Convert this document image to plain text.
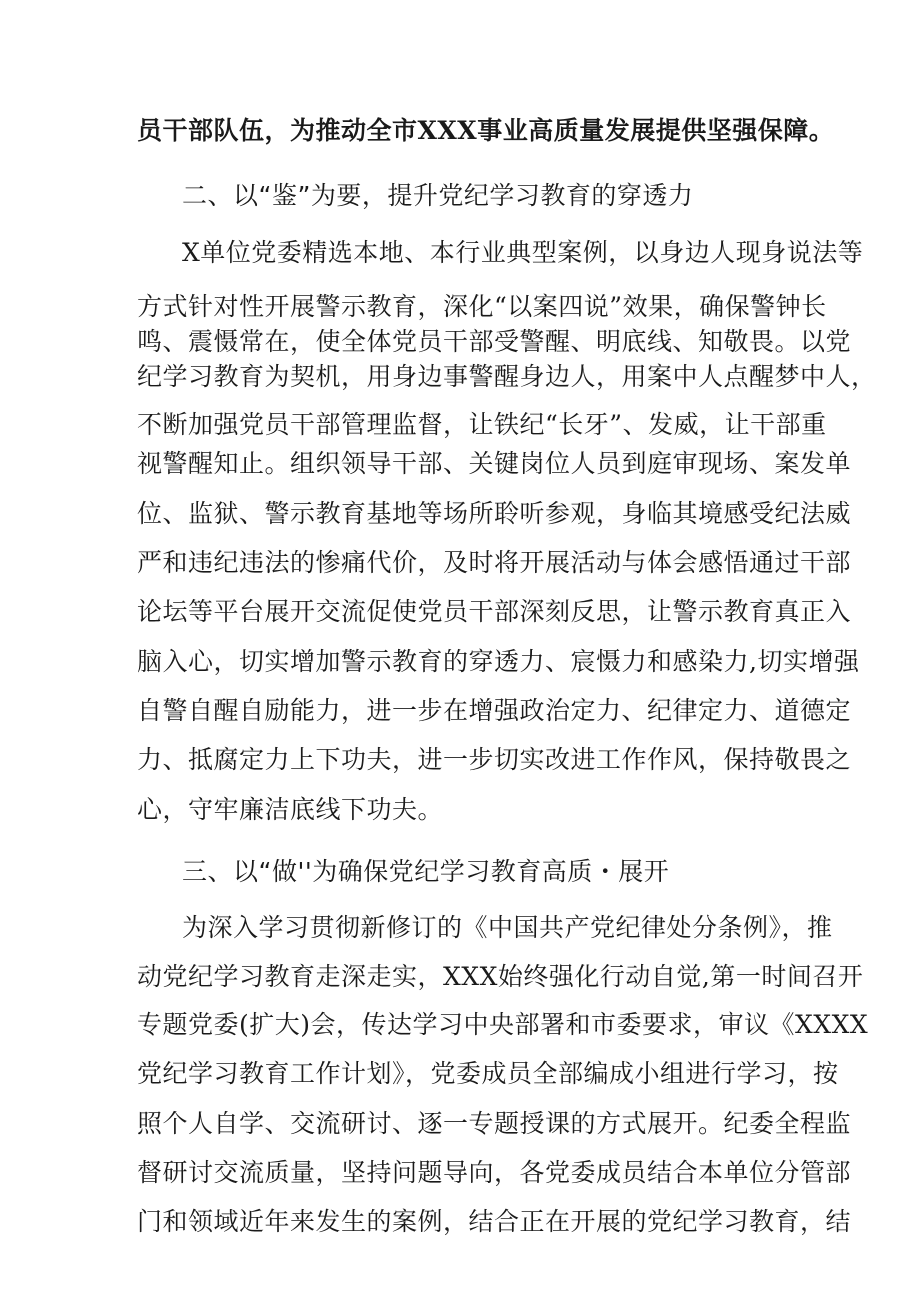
员干部队伍，为推动全市XXX事业高质量发展提供坚强保障。
二、以“鉴”为要，提升党纪学习教育的穿透力
X单位党委精选本地、本行业典型案例，以身边人现身说法等
方式针对性开展警示教育，深化“以案四说”效果，确保警钟长
鸣、震慑常在，使全体党员干部受警醒、明底线、知敬畏。以党
纪学习教育为契机，用身边事警醒身边人，用案中人点醒梦中人，
不断加强党员干部管理监督，让铁纪“长牙”、发威，让干部重
视警醒知止。组织领导干部、关键岗位人员到庭审现场、案发单
位、监狱、警示教育基地等场所聆听参观，身临其境感受纪法威
严和违纪违法的惨痛代价，及时将开展活动与体会感悟通过干部
论坛等平台展开交流促使党员干部深刻反思，让警示教育真正入
脑入心，切实增加警示教育的穿透力、宸慑力和感染力,切实增强
自警自醒自励能力，进一步在增强政治定力、纪律定力、道德定
力、抵腐定力上下功夫，进一步切实改进工作作风，保持敬畏之
心，守牢廉洁底线下功夫。
三、以“做''为确保党纪学习教育高质・展开
为深入学习贯彻新修订的《中国共产党纪律处分条例》，推
动党纪学习教育走深走实，XXX始终强化行动自觉,第一时间召开
专题党委(扩大)会，传达学习中央部署和市委要求，审议《XXXX
党纪学习教育工作计划》，党委成员全部编成小组进行学习，按
照个人自学、交流研讨、逐一专题授课的方式展开。纪委全程监
督研讨交流质量，坚持问题导向，各党委成员结合本单位分管部
门和领域近年来发生的案例，结合正在开展的党纪学习教育，结
